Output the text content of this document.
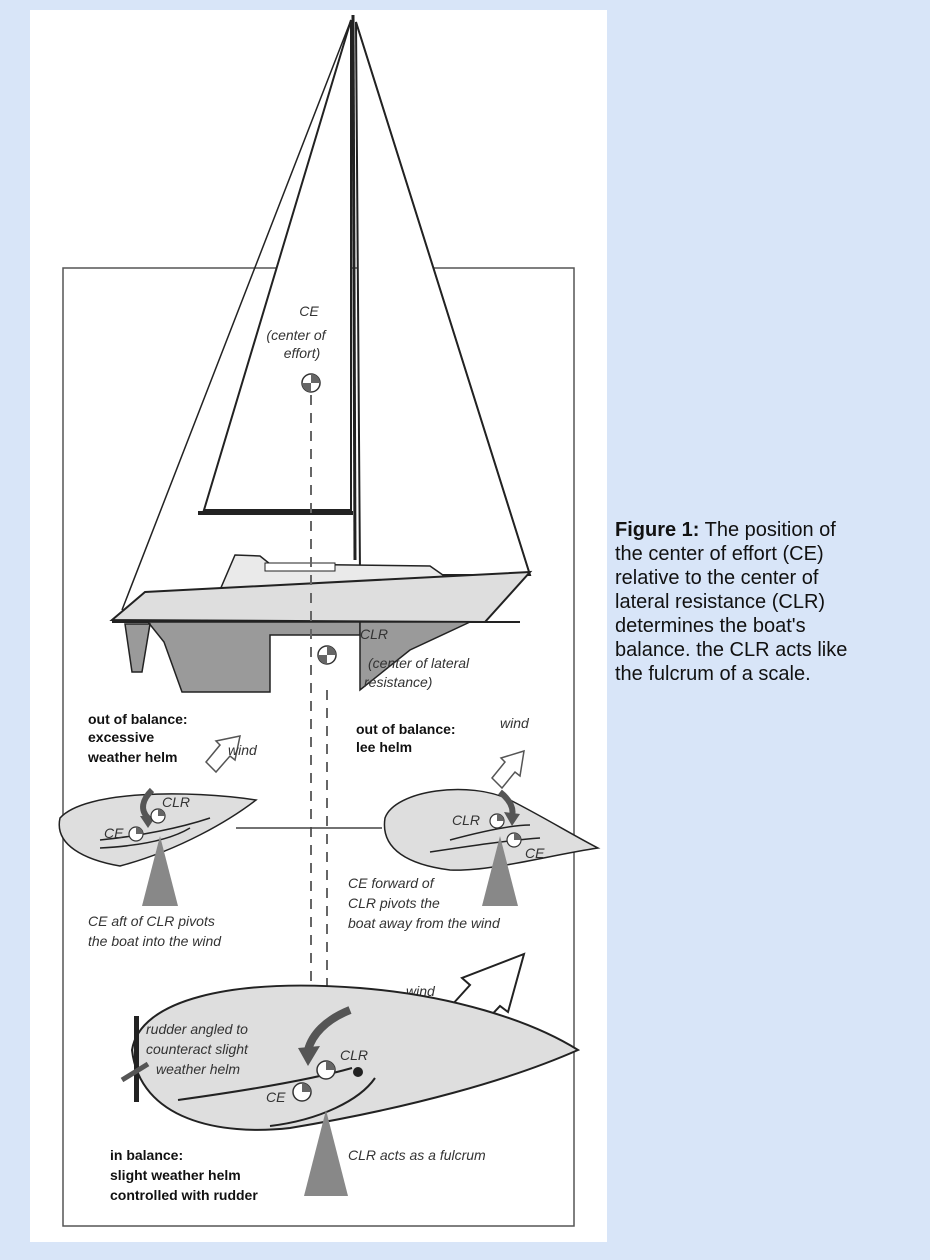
CE
(center of
effort)
CLR
(center of lateral
resistance)
out of balance:
excessive
weather helm	wind
CLR
CE
CE aft of CLR pivots
the boat into the wind
out of balance:
lee helm
wind
CLR
CE
CE forward of
CLR pivots the
boat away from the wind
wind
rudder angled to
counteract slight
weather helm
CLR
CE
CLR acts as a fulcrum
in balance:
slight weather helm
controlled with rudder
Figure 1: The position of the center of effort (CE) relative to the center of lateral resistance (CLR) determines the boat's balance. the CLR acts like the fulcrum of a scale.
